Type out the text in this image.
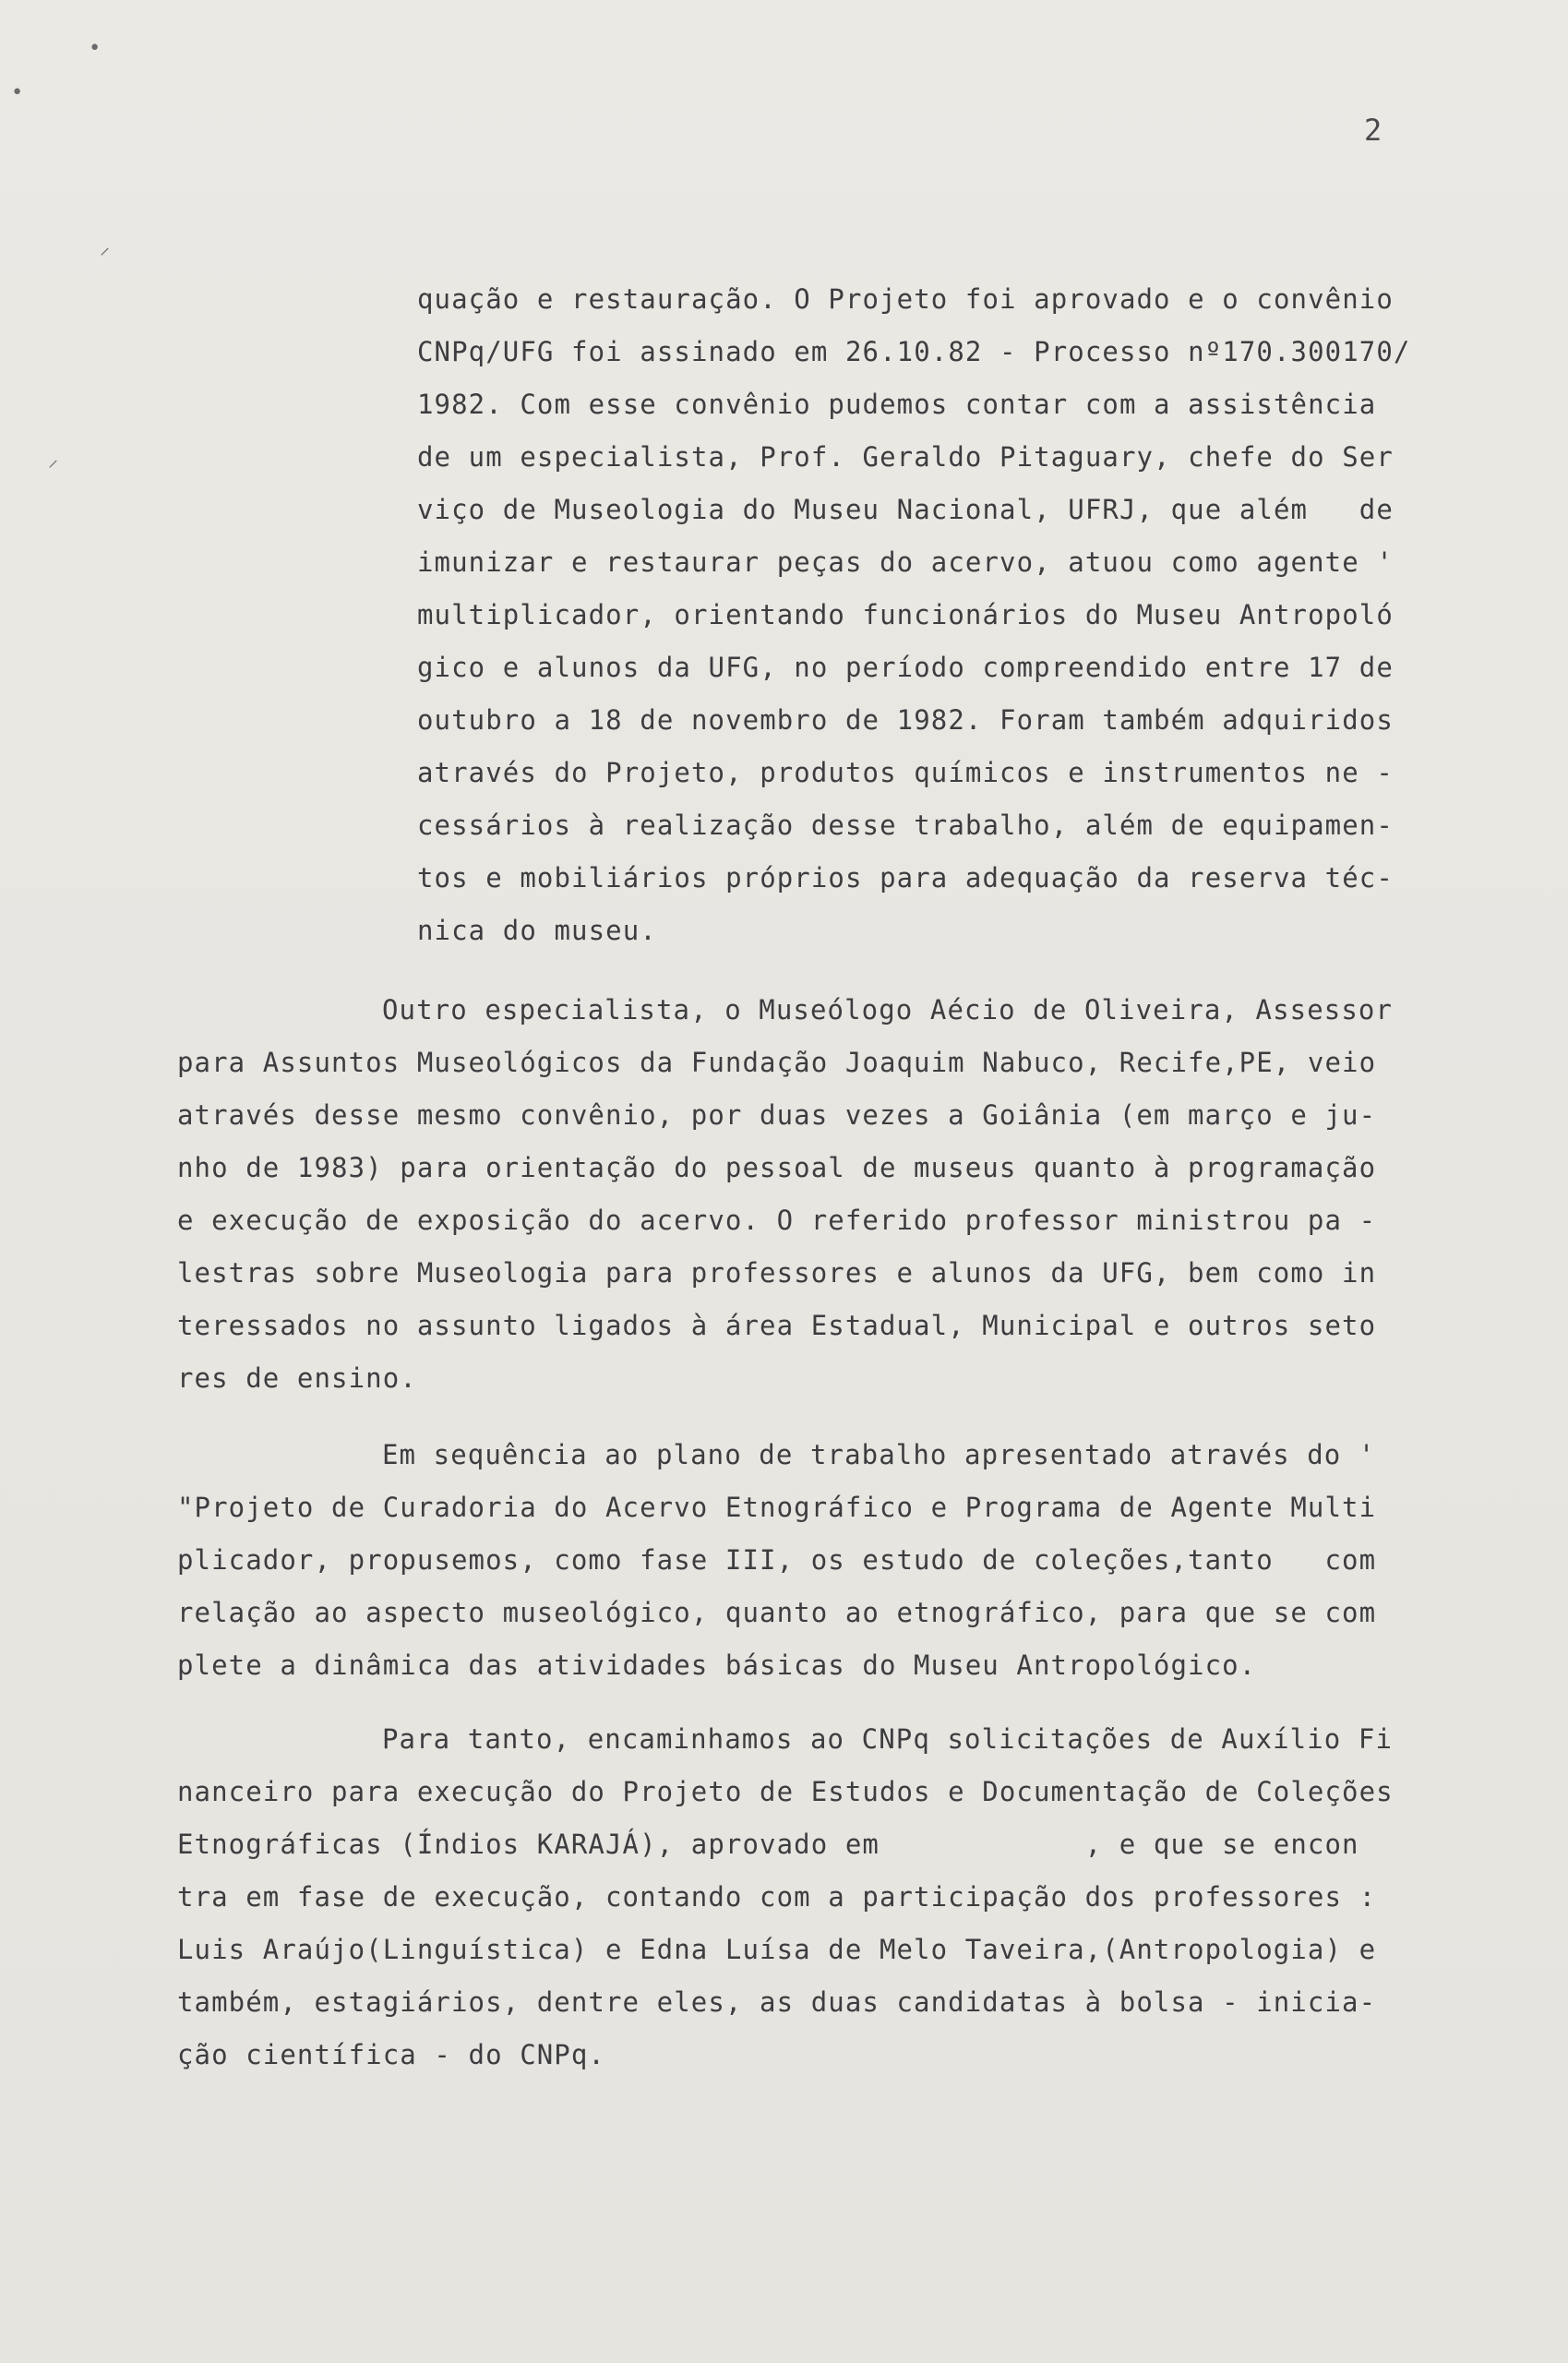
•
•
⸝
⸝
2
quação e restauração. O Projeto foi aprovado e o convênio
CNPq/UFG foi assinado em 26.10.82 - Processo nº170.300170/
1982. Com esse convênio pudemos contar com a assistência
de um especialista, Prof. Geraldo Pitaguary, chefe do Ser
viço de Museologia do Museu Nacional, UFRJ, que além   de
imunizar e restaurar peças do acervo, atuou como agente '
multiplicador, orientando funcionários do Museu Antropoló
gico e alunos da UFG, no período compreendido entre 17 de
outubro a 18 de novembro de 1982. Foram também adquiridos
através do Projeto, produtos químicos e instrumentos ne -
cessários à realização desse trabalho, além de equipamen-
tos e mobiliários próprios para adequação da reserva téc-
nica do museu.
Outro especialista, o Museólogo Aécio de Oliveira, Assessor
para Assuntos Museológicos da Fundação Joaquim Nabuco, Recife,PE, veio
através desse mesmo convênio, por duas vezes a Goiânia (em março e ju-
nho de 1983) para orientação do pessoal de museus quanto à programação
e execução de exposição do acervo. O referido professor ministrou pa -
lestras sobre Museologia para professores e alunos da UFG, bem como in
teressados no assunto ligados à área Estadual, Municipal e outros seto
res de ensino.
Em sequência ao plano de trabalho apresentado através do '
"Projeto de Curadoria do Acervo Etnográfico e Programa de Agente Multi
plicador, propusemos, como fase III, os estudo de coleções,tanto   com
relação ao aspecto museológico, quanto ao etnográfico, para que se com
plete a dinâmica das atividades básicas do Museu Antropológico.
Para tanto, encaminhamos ao CNPq solicitações de Auxílio Fi
nanceiro para execução do Projeto de Estudos e Documentação de Coleções
Etnográficas (Índios KARAJÁ), aprovado em            , e que se encon
tra em fase de execução, contando com a participação dos professores :
Luis Araújo(Linguística) e Edna Luísa de Melo Taveira,(Antropologia) e
também, estagiários, dentre eles, as duas candidatas à bolsa - inicia-
ção científica - do CNPq.
